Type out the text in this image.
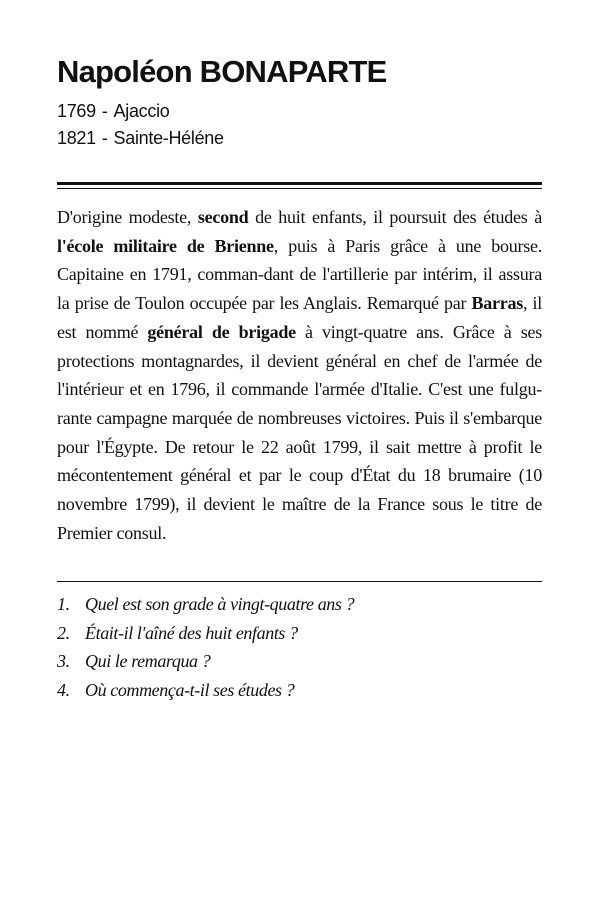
Napoléon BONAPARTE
1769 - Ajaccio
1821 - Sainte-Héléne

D'origine modeste, second de huit enfants, il poursuit des études à l'école militaire de Brienne, puis à Paris grâce à une bourse. Capitaine en 1791, comman-dant de l'artillerie par intérim, il assura la prise de Toulon occupée par les Anglais. Remarqué par Barras, il est nommé général de brigade à vingt-quatre ans. Grâce à ses protections montagnardes, il devient général en chef de l'armée de l'intérieur et en 1796, il commande l'armée d'Italie. C'est une fulgu-rante campagne marquée de nombreuses victoires. Puis il s'embarque pour l'Égypte. De retour le 22 août 1799, il sait mettre à profit le mécontentement général et par le coup d'État du 18 brumaire (10 novembre 1799), il devient le maître de la France sous le titre de Premier consul.

1. Quel est son grade à vingt-quatre ans ?
2. Était-il l'aîné des huit enfants ?
3. Qui le remarqua ?
4. Où commença-t-il ses études ?
